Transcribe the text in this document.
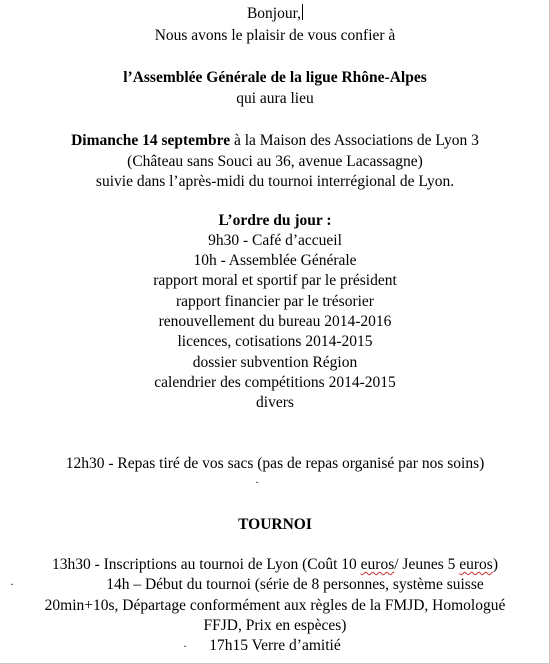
Bonjour,
Nous avons le plaisir de vous confier à
l’Assemblée Générale de la ligue Rhône-Alpes
qui aura lieu
Dimanche 14 septembre à la Maison des Associations de Lyon 3
(Château sans Souci au 36, avenue Lacassagne)
suivie dans l’après-midi du tournoi interrégional de Lyon.
L’ordre du jour :
9h30 - Café d’accueil
10h - Assemblée Générale
rapport moral et sportif par le président
rapport financier par le trésorier
renouvellement du bureau 2014-2016
licences, cotisations 2014-2015
dossier subvention Région
calendrier des compétitions 2014-2015
divers
12h30 - Repas tiré de vos sacs (pas de repas organisé par nos soins)
·
TOURNOI
13h30 - Inscriptions au tournoi de Lyon (Coût 10 euros/ Jeunes 5 euros)
·	14h – Début du tournoi (série de 8 personnes, système suisse
20min+10s, Départage conformément aux règles de la FMJD, Homologué
FFJD, Prix en espèces)
·	17h15 Verre d’amitié
